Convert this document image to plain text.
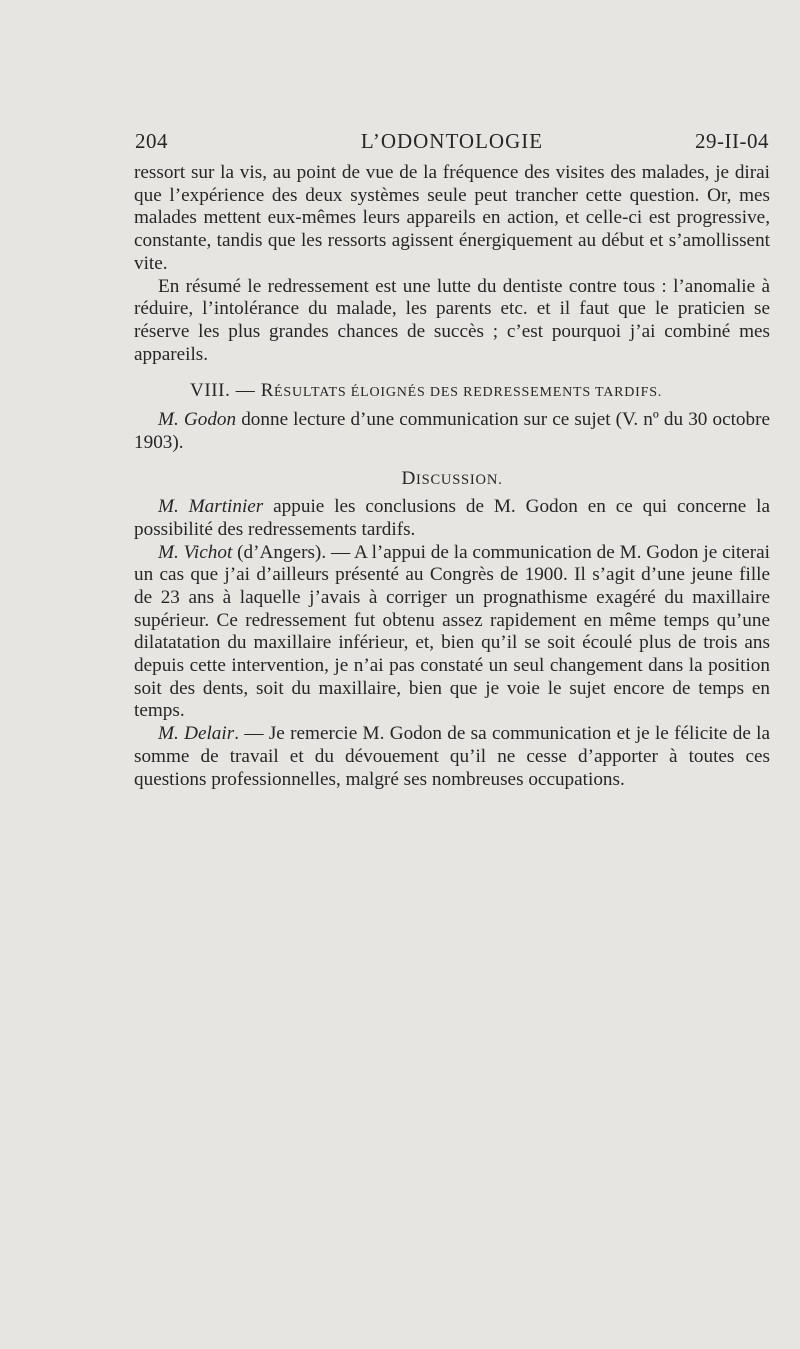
204	L’ODONTOLOGIE	29-II-04

ressort sur la vis, au point de vue de la fréquence des visites des malades, je dirai que l’expérience des deux systèmes seule peut trancher cette question. Or, mes malades mettent eux-mêmes leurs appareils en action, et celle-ci est progressive, constante, tandis que les ressorts agissent énergiquement au début et s’amollissent vite.

En résumé le redressement est une lutte du dentiste contre tous : l’anomalie à réduire, l’intolérance du malade, les parents etc. et il faut que le praticien se réserve les plus grandes chances de succès ; c’est pourquoi j’ai combiné mes appareils.

VIII. — RÉSULTATS ÉLOIGNÉS DES REDRESSEMENTS TARDIFS.

M. Godon donne lecture d’une communication sur ce sujet (V. nº du 30 octobre 1903).

DISCUSSION.

M. Martinier appuie les conclusions de M. Godon en ce qui concerne la possibilité des redressements tardifs.

M. Vichot (d’Angers). — A l’appui de la communication de M. Godon je citerai un cas que j’ai d’ailleurs présenté au Congrès de 1900. Il s’agit d’une jeune fille de 23 ans à laquelle j’avais à corriger un prognathisme exagéré du maxillaire supérieur. Ce redressement fut obtenu assez rapidement en même temps qu’une dilatatation du maxillaire inférieur, et, bien qu’il se soit écoulé plus de trois ans depuis cette intervention, je n’ai pas constaté un seul changement dans la position soit des dents, soit du maxillaire, bien que je voie le sujet encore de temps en temps.

M. Delair. — Je remercie M. Godon de sa communication et je le félicite de la somme de travail et du dévouement qu’il ne cesse d’apporter à toutes ces questions professionnelles, malgré ses nombreuses occupations.
